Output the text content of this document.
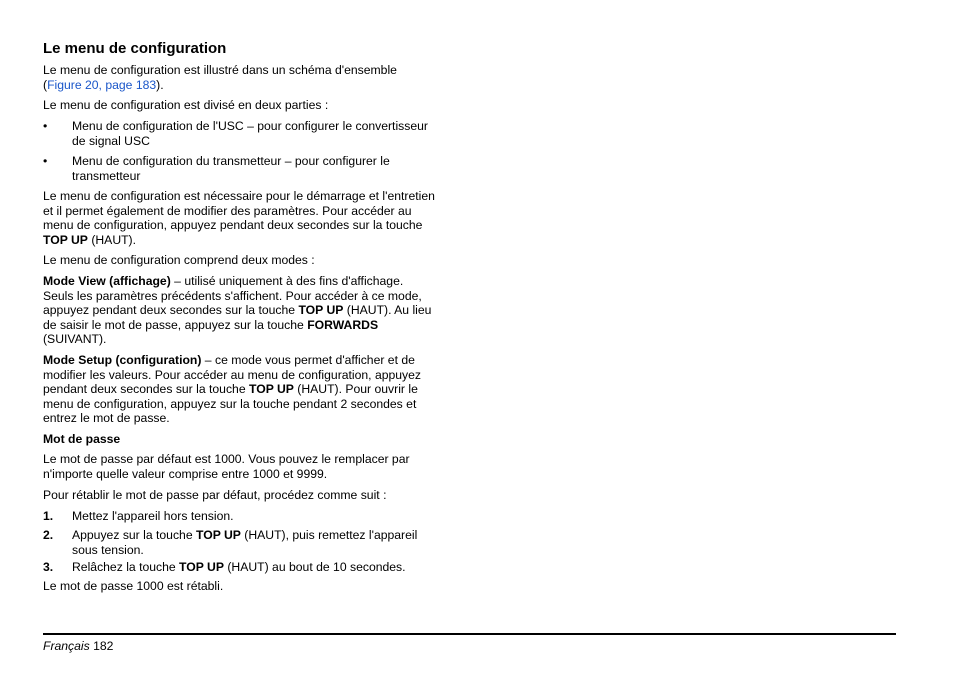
Le menu de configuration
Le menu de configuration est illustré dans un schéma d'ensemble
(Figure 20, page 183).
Le menu de configuration est divisé en deux parties :
• Menu de configuration de l'USC – pour configurer le convertisseur
de signal USC
• Menu de configuration du transmetteur – pour configurer le
transmetteur
Le menu de configuration est nécessaire pour le démarrage et l'entretien
et il permet également de modifier des paramètres. Pour accéder au
menu de configuration, appuyez pendant deux secondes sur la touche
TOP UP (HAUT).
Le menu de configuration comprend deux modes :
Mode View (affichage) – utilisé uniquement à des fins d'affichage.
Seuls les paramètres précédents s'affichent. Pour accéder à ce mode,
appuyez pendant deux secondes sur la touche TOP UP (HAUT). Au lieu
de saisir le mot de passe, appuyez sur la touche FORWARDS
(SUIVANT).
Mode Setup (configuration) – ce mode vous permet d'afficher et de
modifier les valeurs. Pour accéder au menu de configuration, appuyez
pendant deux secondes sur la touche TOP UP (HAUT). Pour ouvrir le
menu de configuration, appuyez sur la touche pendant 2 secondes et
entrez le mot de passe.
Mot de passe
Le mot de passe par défaut est 1000. Vous pouvez le remplacer par
n'importe quelle valeur comprise entre 1000 et 9999.
Pour rétablir le mot de passe par défaut, procédez comme suit :
1. Mettez l'appareil hors tension.
2. Appuyez sur la touche TOP UP (HAUT), puis remettez l'appareil
sous tension.
3. Relâchez la touche TOP UP (HAUT) au bout de 10 secondes.
Le mot de passe 1000 est rétabli.
Français 182
